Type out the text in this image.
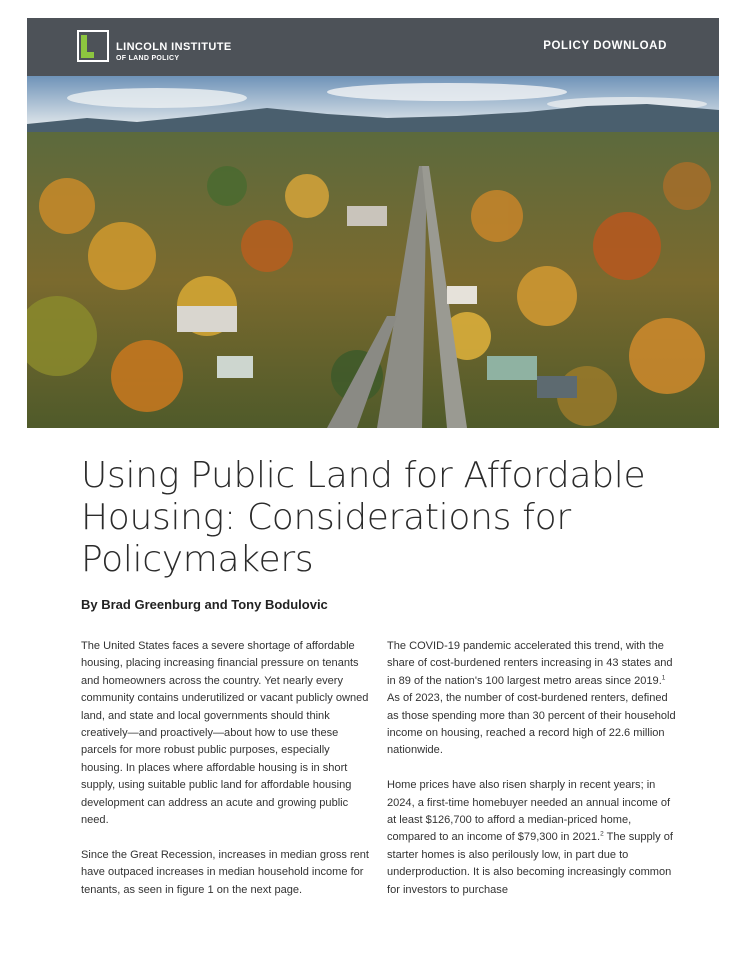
LINCOLN INSTITUTE
OF LAND POLICY
POLICY DOWNLOAD
Using Public Land for Affordable Housing: Considerations for Policymakers
By Brad Greenburg and Tony Bodulovic

The United States faces a severe shortage of affordable housing, placing increasing financial pressure on tenants and homeowners across the country. Yet nearly every community contains underutilized or vacant publicly owned land, and state and local governments should think creatively—and proactively—about how to use these parcels for more robust public purposes, especially housing. In places where affordable housing is in short supply, using suitable public land for affordable housing development can address an acute and growing public need.

Since the Great Recession, increases in median gross rent have outpaced increases in median household income for tenants, as seen in figure 1 on the next page.

The COVID-19 pandemic accelerated this trend, with the share of cost-burdened renters increasing in 43 states and in 89 of the nation's 100 largest metro areas since 2019.$^1$ As of 2023, the number of cost-burdened renters, defined as those spending more than 30 percent of their household income on housing, reached a record high of 22.6 million nationwide.

Home prices have also risen sharply in recent years; in 2024, a first-time homebuyer needed an annual income of at least $126,700 to afford a median-priced home, compared to an income of $79,300 in 2021.$^2$ The supply of starter homes is also perilously low, in part due to underproduction. It is also becoming increasingly common for investors to purchase
